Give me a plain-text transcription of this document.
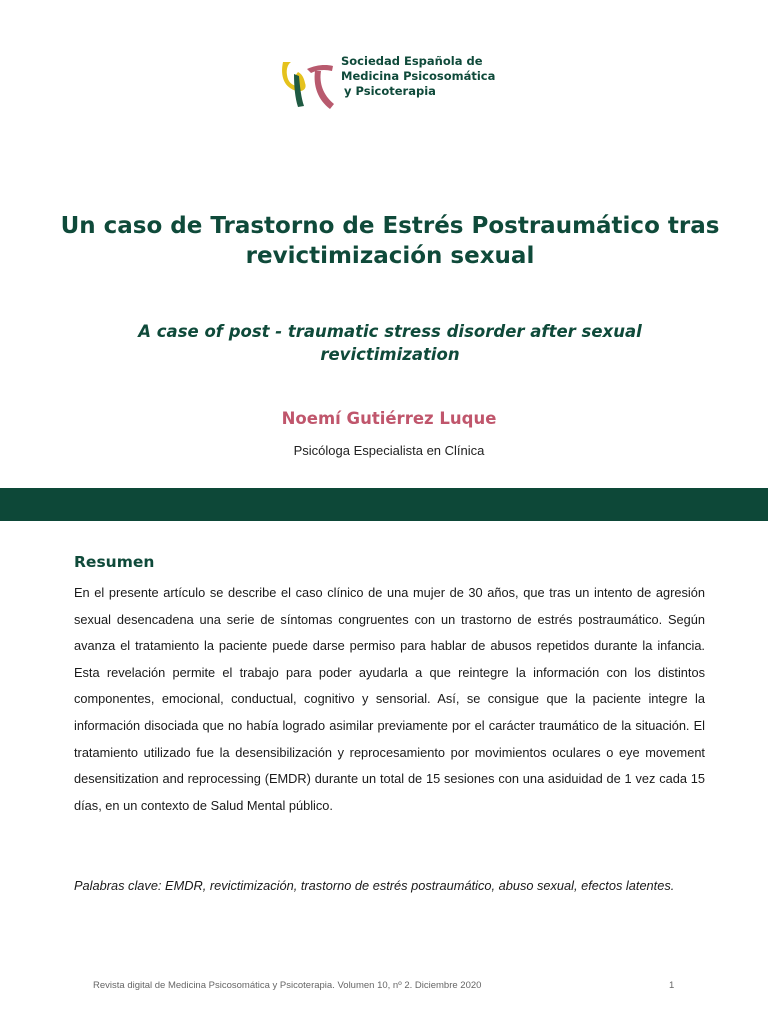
Sociedad Española de
Medicina Psicosomática
y Psicoterapia
Un caso de Trastorno de Estrés Postraumático tras revictimización sexual
A case of post - traumatic stress disorder after sexual revictimization
Noemí Gutiérrez Luque
Psicóloga Especialista en Clínica
Resumen

En el presente artículo se describe el caso clínico de una mujer de 30 años, que tras un intento de agresión sexual desencadena una serie de síntomas congruentes con un trastorno de estrés postraumático. Según avanza el tratamiento la paciente puede darse permiso para hablar de abusos repetidos durante la infancia. Esta revelación permite el trabajo para poder ayudarla a que reintegre la información con los distintos componentes, emocional, conductual, cognitivo y sensorial. Así, se consigue que la paciente integre la información disociada que no había logrado asimilar previamente por el carácter traumático de la situación. El tratamiento utilizado fue la desensibilización y reprocesamiento por movimientos oculares o eye movement desensitization and reprocessing (EMDR) durante un total de 15 sesiones con una asiduidad de 1 vez cada 15 días, en un contexto de Salud Mental público.

Palabras clave: EMDR, revictimización, trastorno de estrés postraumático, abuso sexual, efectos latentes.

Revista digital de Medicina Psicosomática y Psicoterapia. Volumen 10, nº 2. Diciembre 2020	1
